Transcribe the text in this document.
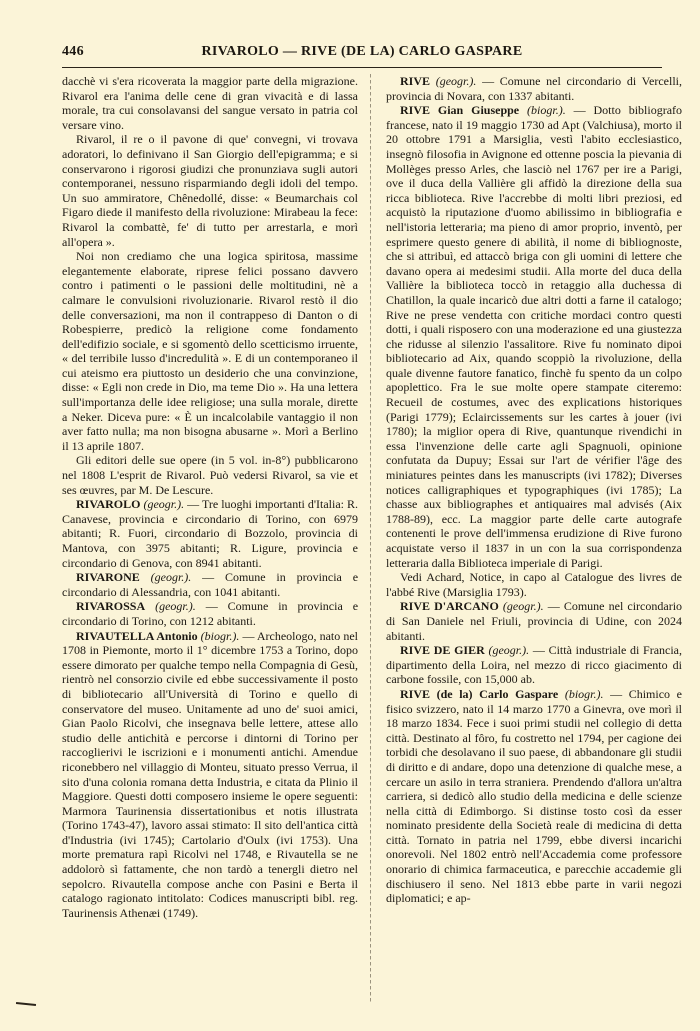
446	RIVAROLO — RIVE (DE LA) CARLO GASPARE

dacchè vi s'era ricoverata la maggior parte della migrazione. Rivarol era l'anima delle cene di gran vivacità e di lassa morale, tra cui consolavansi del sangue versato in patria col versare vino.

Rivarol, il re o il pavone di que' convegni, vi trovava adoratori, lo definivano il San Giorgio dell'epigramma; e si conservarono i rigorosi giudizi che pronunziava sugli autori contemporanei, nessuno risparmiando degli idoli del tempo. Un suo ammiratore, Chênedollé, disse: « Beumarchais col Figaro diede il manifesto della rivoluzione: Mirabeau la fece: Rivarol la combattè, fe' di tutto per arrestarla, e morì all'opera ».

Noi non crediamo che una logica spiritosa, massime elegantemente elaborate, riprese felici possano davvero contro i patimenti o le passioni delle moltitudini, nè a calmare le convulsioni rivoluzionarie. Rivarol restò il dio delle conversazioni, ma non il contrappeso di Danton o di Robespierre, predicò la religione come fondamento dell'edifizio sociale, e si sgomentò dello scetticismo irruente, « del terribile lusso d'incredulità ». E di un contemporaneo il cui ateismo era piuttosto un desiderio che una convinzione, disse: « Egli non crede in Dio, ma teme Dio ». Ha una lettera sull'importanza delle idee religiose; una sulla morale, dirette a Neker. Diceva pure: « È un incalcolabile vantaggio il non aver fatto nulla; ma non bisogna abusarne ». Morì a Berlino il 13 aprile 1807.

Gli editori delle sue opere (in 5 vol. in-8°) pubblicarono nel 1808 L'esprit de Rivarol. Può vedersi Rivarol, sa vie et ses œuvres, par M. De Lescure.

RIVAROLO (geogr.). — Tre luoghi importanti d'Italia: R. Canavese, provincia e circondario di Torino, con 6979 abitanti; R. Fuori, circondario di Bozzolo, provincia di Mantova, con 3975 abitanti; R. Ligure, provincia e circondario di Genova, con 8941 abitanti.

RIVARONE (geogr.). — Comune in provincia e circondario di Alessandria, con 1041 abitanti.

RIVAROSSA (geogr.). — Comune in provincia e circondario di Torino, con 1212 abitanti.

RIVAUTELLA Antonio (biogr.). — Archeologo, nato nel 1708 in Piemonte, morto il 1° dicembre 1753 a Torino, dopo essere dimorato per qualche tempo nella Compagnia di Gesù, rientrò nel consorzio civile ed ebbe successivamente il posto di bibliotecario all'Università di Torino e quello di conservatore del museo. Unitamente ad uno de' suoi amici, Gian Paolo Ricolvi, che insegnava belle lettere, attese allo studio delle antichità e percorse i dintorni di Torino per raccoglierivi le iscrizioni e i monumenti antichi. Amendue riconebbero nel villaggio di Monteu, situato presso Verrua, il sito d'una colonia romana detta Industria, e citata da Plinio il Maggiore. Questi dotti composero insieme le opere seguenti: Marmora Taurinensia dissertationibus et notis illustrata (Torino 1743-47), lavoro assai stimato: Il sito dell'antica città d'Industria (ivi 1745); Cartolario d'Oulx (ivi 1753). Una morte prematura rapì Ricolvi nel 1748, e Rivautella se ne addolorò sì fattamente, che non tardò a tenergli dietro nel sepolcro. Rivautella compose anche con Pasini e Berta il catalogo ragionato intitolato: Codices manuscripti bibl. reg. Taurinensis Athenæi (1749).

RIVE (geogr.). — Comune nel circondario di Vercelli, provincia di Novara, con 1337 abitanti.

RIVE Gian Giuseppe (biogr.). — Dotto bibliografo francese, nato il 19 maggio 1730 ad Apt (Valchiusa), morto il 20 ottobre 1791 a Marsiglia, vestì l'abito ecclesiastico, insegnò filosofia in Avignone ed ottenne poscia la pievania di Mollèges presso Arles, che lasciò nel 1767 per ire a Parigi, ove il duca della Vallière gli affidò la direzione della sua ricca biblioteca. Rive l'accrebbe di molti libri preziosi, ed acquistò la riputazione d'uomo abilissimo in bibliografia e nell'istoria letteraria; ma pieno di amor proprio, inventò, per esprimere questo genere di abilità, il nome di bibliognoste, che si attribuì, ed attaccò briga con gli uomini di lettere che davano opera ai medesimi studii. Alla morte del duca della Vallière la biblioteca toccò in retaggio alla duchessa di Chatillon, la quale incaricò due altri dotti a farne il catalogo; Rive ne prese vendetta con critiche mordaci contro questi dotti, i quali risposero con una moderazione ed una giustezza che ridusse al silenzio l'assalitore. Rive fu nominato dipoi bibliotecario ad Aix, quando scoppiò la rivoluzione, della quale divenne fautore fanatico, finchè fu spento da un colpo apoplettico. Fra le sue molte opere stampate citeremo: Recueil de costumes, avec des explications historiques (Parigi 1779); Eclaircissements sur les cartes à jouer (ivi 1780); la miglior opera di Rive, quantunque rivendichi in essa l'invenzione delle carte agli Spagnuoli, opinione confutata da Dupuy; Essai sur l'art de vérifier l'âge des miniatures peintes dans les manuscripts (ivi 1782); Diverses notices calligraphiques et typographiques (ivi 1785); La chasse aux bibliographes et antiquaires mal advisés (Aix 1788-89), ecc. La maggior parte delle carte autografe contenenti le prove dell'immensa erudizione di Rive furono acquistate verso il 1837 in un con la sua corrispondenza letteraria dalla Biblioteca imperiale di Parigi.

Vedi Achard, Notice, in capo al Catalogue des livres de l'abbé Rive (Marsiglia 1793).

RIVE D'ARCANO (geogr.). — Comune nel circondario di San Daniele nel Friuli, provincia di Udine, con 2024 abitanti.

RIVE DE GIER (geogr.). — Città industriale di Francia, dipartimento della Loira, nel mezzo di ricco giacimento di carbone fossile, con 15,000 ab.

RIVE (de la) Carlo Gaspare (biogr.). — Chimico e fisico svizzero, nato il 14 marzo 1770 a Ginevra, ove morì il 18 marzo 1834. Fece i suoi primi studii nel collegio di detta città. Destinato al fôro, fu costretto nel 1794, per cagione dei torbidi che desolavano il suo paese, di abbandonare gli studii di diritto e di andare, dopo una detenzione di qualche mese, a cercare un asilo in terra straniera. Prendendo d'allora un'altra carriera, si dedicò allo studio della medicina e delle scienze nella città di Edimborgo. Si distinse tosto così da esser nominato presidente della Società reale di medicina di detta città. Tornato in patria nel 1799, ebbe diversi incarichi onorevoli. Nel 1802 entrò nell'Accademia come professore onorario di chimica farmaceutica, e parecchie accademie gli dischiusero il seno. Nel 1813 ebbe parte in varii negozi diplomatici; e ap-
